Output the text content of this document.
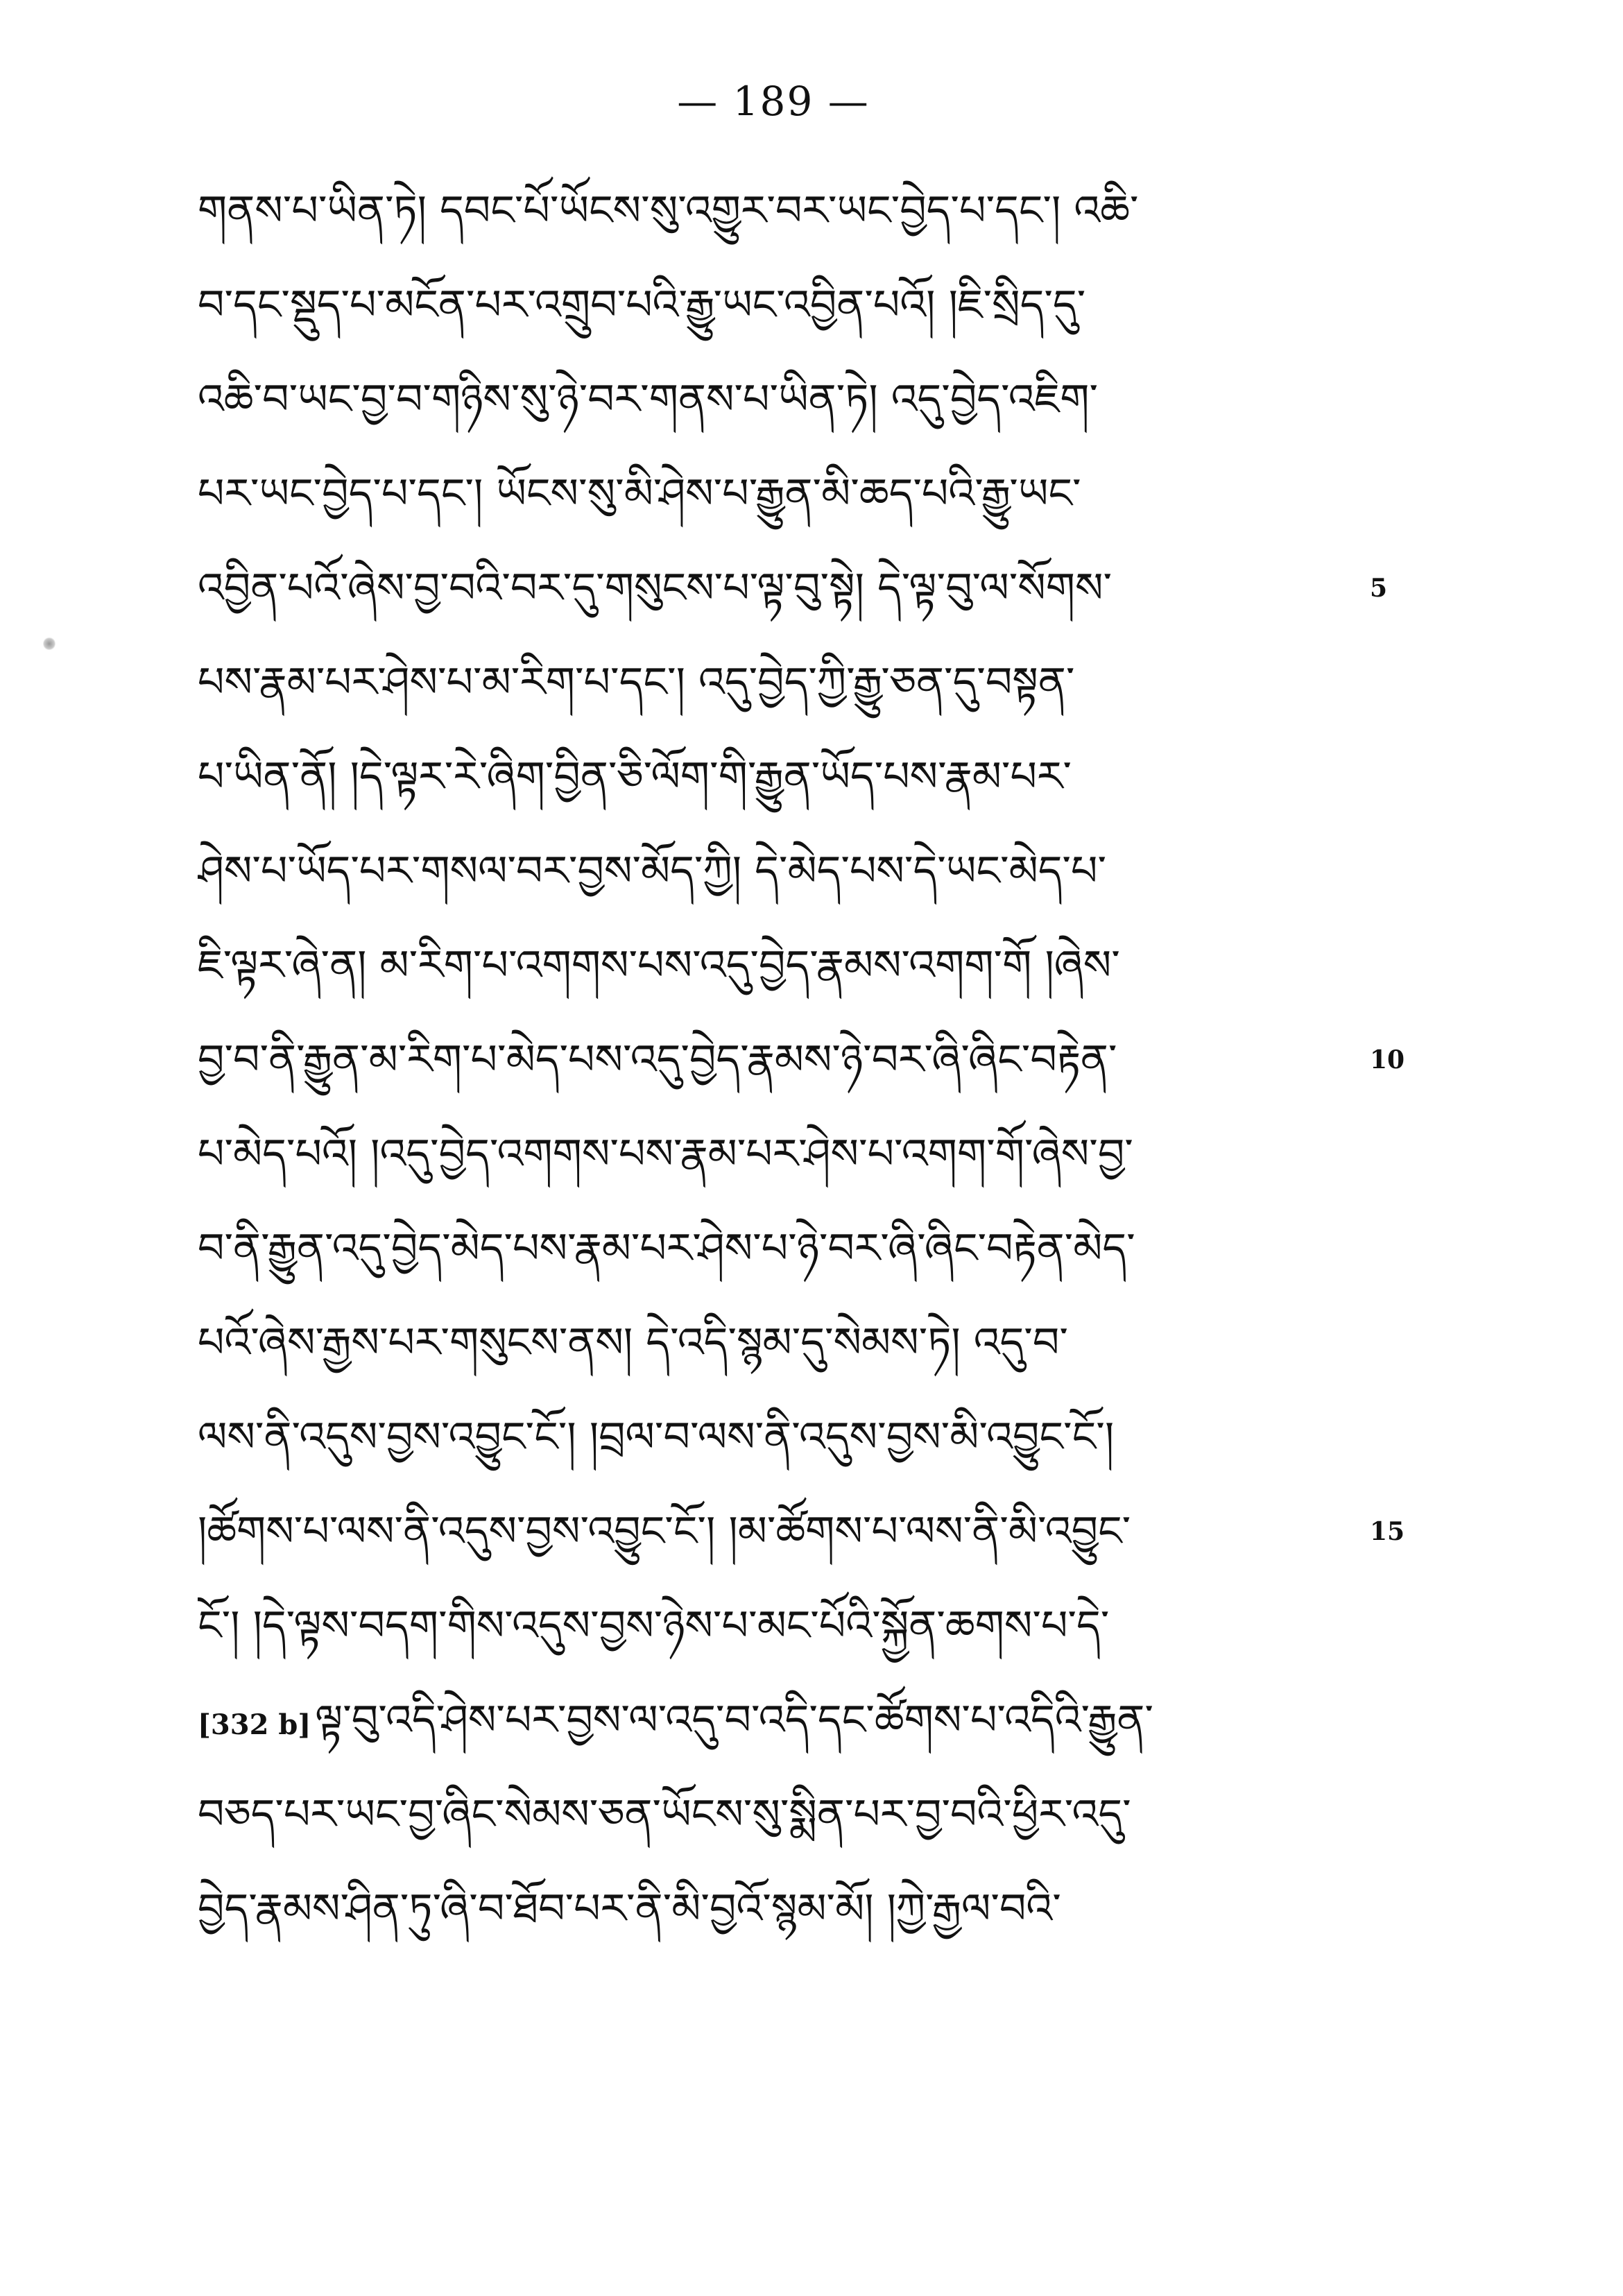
— 189 —
གནས་པ་ཡིན་ཏེ། དབང་པོ་ཡོངས་སུ་འགྱུར་བར་ཡང་བྱེད་པ་དང་། འཆི་
བ་དང་སྡུད་པ་མངོན་པར་འགྲུབ་པའི་རྒྱུ་ཡང་འབྱིན་པའོ། །ཇི་སྲིད་དུ་
འཆི་བ་ཡང་བྱ་བ་གཉིས་སུ་ཉེ་བར་གནས་པ་ཡིན་ཏེ། འདུ་བྱེད་འཇིག་
པར་ཡང་བྱེད་པ་དང་། ཡོངས་སུ་མི་ཤེས་པ་རྒྱུན་མི་ཆད་པའི་རྒྱུ་ཡང་
འབྱིན་པའོ་ཞེས་བྱ་བའི་བར་དུ་གསུངས་པ་ལྟ་བུ་སྟེ། དེ་ལྟ་བུ་ལ་སོགས་
པས་རྣམ་པར་ཤེས་པ་མ་རིག་པ་དང་། འདུ་བྱེད་ཀྱི་རྒྱུ་ཅན་དུ་བསྟན་
པ་ཡིན་ནོ། །དེ་ལྟར་རེ་ཞིག་བྱིན་ཅི་ལོག་གི་རྒྱུན་ཡོད་པས་རྣམ་པར་
ཤེས་པ་ཡོད་པར་གསལ་བར་བྱས་མོད་ཀྱི། དེ་མེད་པས་དེ་ཡང་མེད་པ་
ཇི་ལྟར་ཞེ་ན། མ་རིག་པ་འགགས་པས་འདུ་བྱེད་རྣམས་འགག་གོ །ཞེས་
བྱ་བ་ནི་རྒྱུན་མ་རིག་པ་མེད་པས་འདུ་བྱེད་རྣམས་ཉེ་བར་ཞི་ཞིང་བརྟེན་
པ་མེད་པའོ། །འདུ་བྱེད་འགགས་པས་རྣམ་པར་ཤེས་པ་འགག་གོ་ཞེས་བྱ་
བ་ནི་རྒྱུན་འདུ་བྱེད་མེད་པས་རྣམ་པར་ཤེས་པ་ཉེ་བར་ཞི་ཞིང་བརྟེན་མེད་
པའོ་ཞེས་རྒྱས་པར་གསུངས་ནས། དེ་འདི་སྙམ་དུ་སེམས་ཏེ། འདུ་བ་
ལས་ནི་འདུས་བྱས་འབྱུང་ངོ་། །བྲལ་བ་ལས་ནི་འདུས་བྱས་མི་འབྱུང་ངོ་།
།ཚོགས་པ་ལས་ནི་འདུས་བྱས་འབྱུང་ངོ་། །མ་ཚོགས་པ་ལས་ནི་མི་འབྱུང་
ངོ་། །དེ་ལྟས་བདག་གིས་འདུས་བྱས་ཉེས་པ་མང་པོའི་སྐྱོན་ཆགས་པ་དེ་
[332 b] ལྟ་བུ་འདི་ཤེས་པར་བྱས་ལ་འདུ་བ་འདི་དང་ཚོགས་པ་འདིའི་རྒྱུན་
བཅད་པར་ཡང་བྱ་ཞིང་སེམས་ཅན་ཡོངས་སུ་སྨིན་པར་བྱ་བའི་ཕྱིར་འདུ་
བྱེད་རྣམས་ཤིན་ཏུ་ཞི་བ་ཐོབ་པར་ནི་མི་བྱའོ་སྙམ་མོ། །ཀྱེ་རྒྱལ་བའི་
5
10
15
